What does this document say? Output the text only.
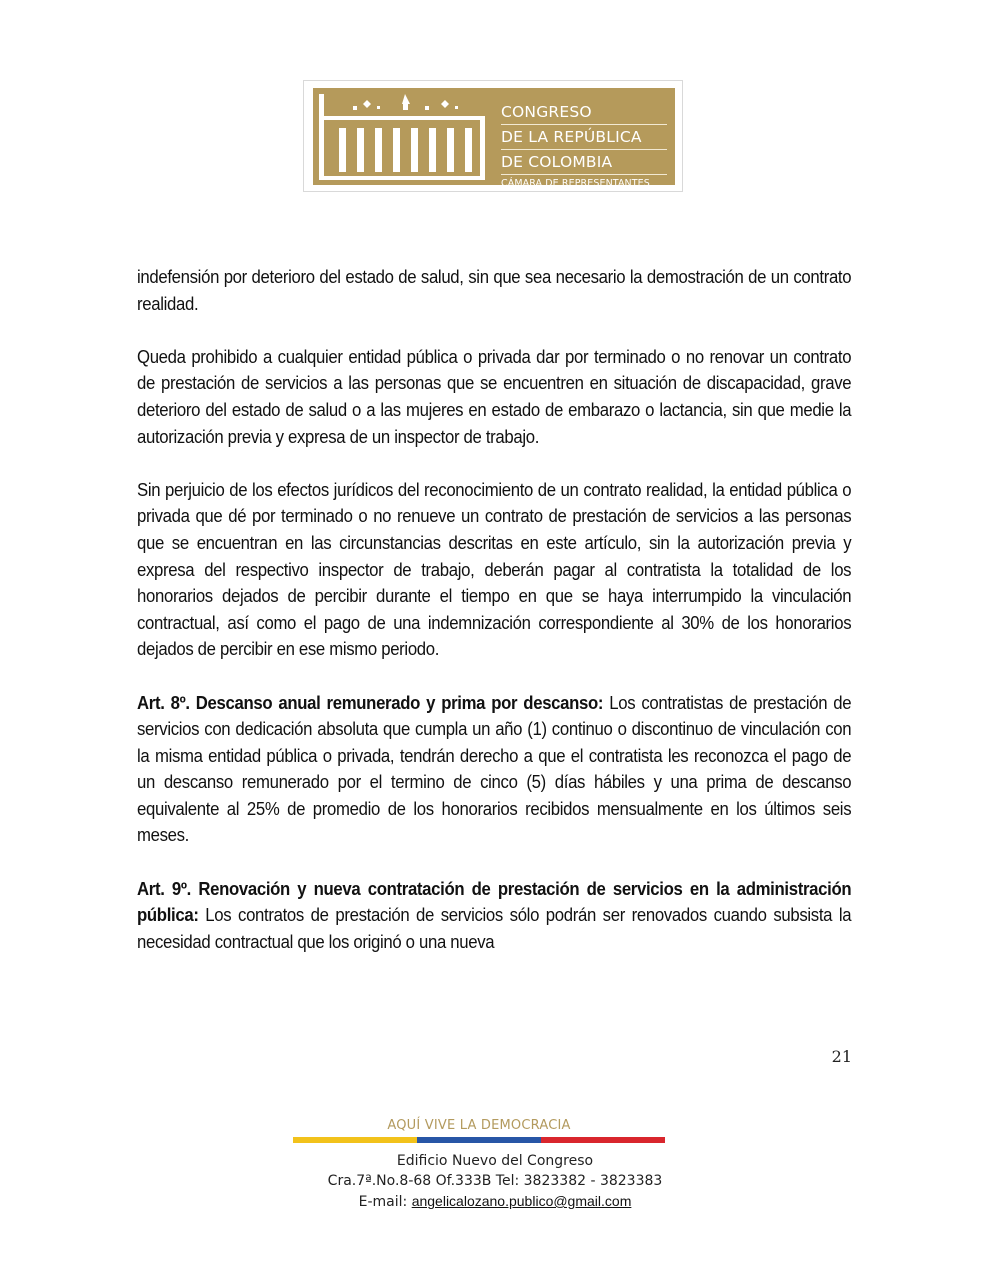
CONGRESO
DE LA REPÚBLICA
DE COLOMBIA
CÁMARA DE REPRESENTANTES

indefensión por deterioro del estado de salud, sin que sea necesario la demostración de un contrato realidad.

Queda prohibido a cualquier entidad pública o privada dar por terminado o no renovar un contrato de prestación de servicios a las personas que se encuentren en situación de discapacidad, grave deterioro del estado de salud o a las mujeres en estado de embarazo o lactancia, sin que medie la autorización previa y expresa de un inspector de trabajo.

Sin perjuicio de los efectos jurídicos del reconocimiento de un contrato realidad, la entidad pública o privada que dé por terminado o no renueve un contrato de prestación de servicios a las personas que se encuentran en las circunstancias descritas en este artículo, sin la autorización previa y expresa del respectivo inspector de trabajo, deberán pagar al contratista la totalidad de los honorarios dejados de percibir durante el tiempo en que se haya interrumpido la vinculación contractual, así como el pago de una indemnización correspondiente al 30% de los honorarios dejados de percibir en ese mismo periodo.

Art. 8º. Descanso anual remunerado y prima por descanso: Los contratistas de prestación de servicios con dedicación absoluta que cumpla un año (1) continuo o discontinuo de vinculación con la misma entidad pública o privada, tendrán derecho a que el contratista les reconozca el pago de un descanso remunerado por el termino de cinco (5) días hábiles y una prima de descanso equivalente al 25% de promedio de los honorarios recibidos mensualmente en los últimos seis meses.

Art. 9º. Renovación y nueva contratación de prestación de servicios en la administración pública: Los contratos de prestación de servicios sólo podrán ser renovados cuando subsista la necesidad contractual que los originó o una nueva

21
AQUÍ VIVE LA DEMOCRACIA
Edificio Nuevo del Congreso
Cra.7ª.No.8-68 Of.333B Tel: 3823382 - 3823383
E-mail: angelicalozano.publico@gmail.com
